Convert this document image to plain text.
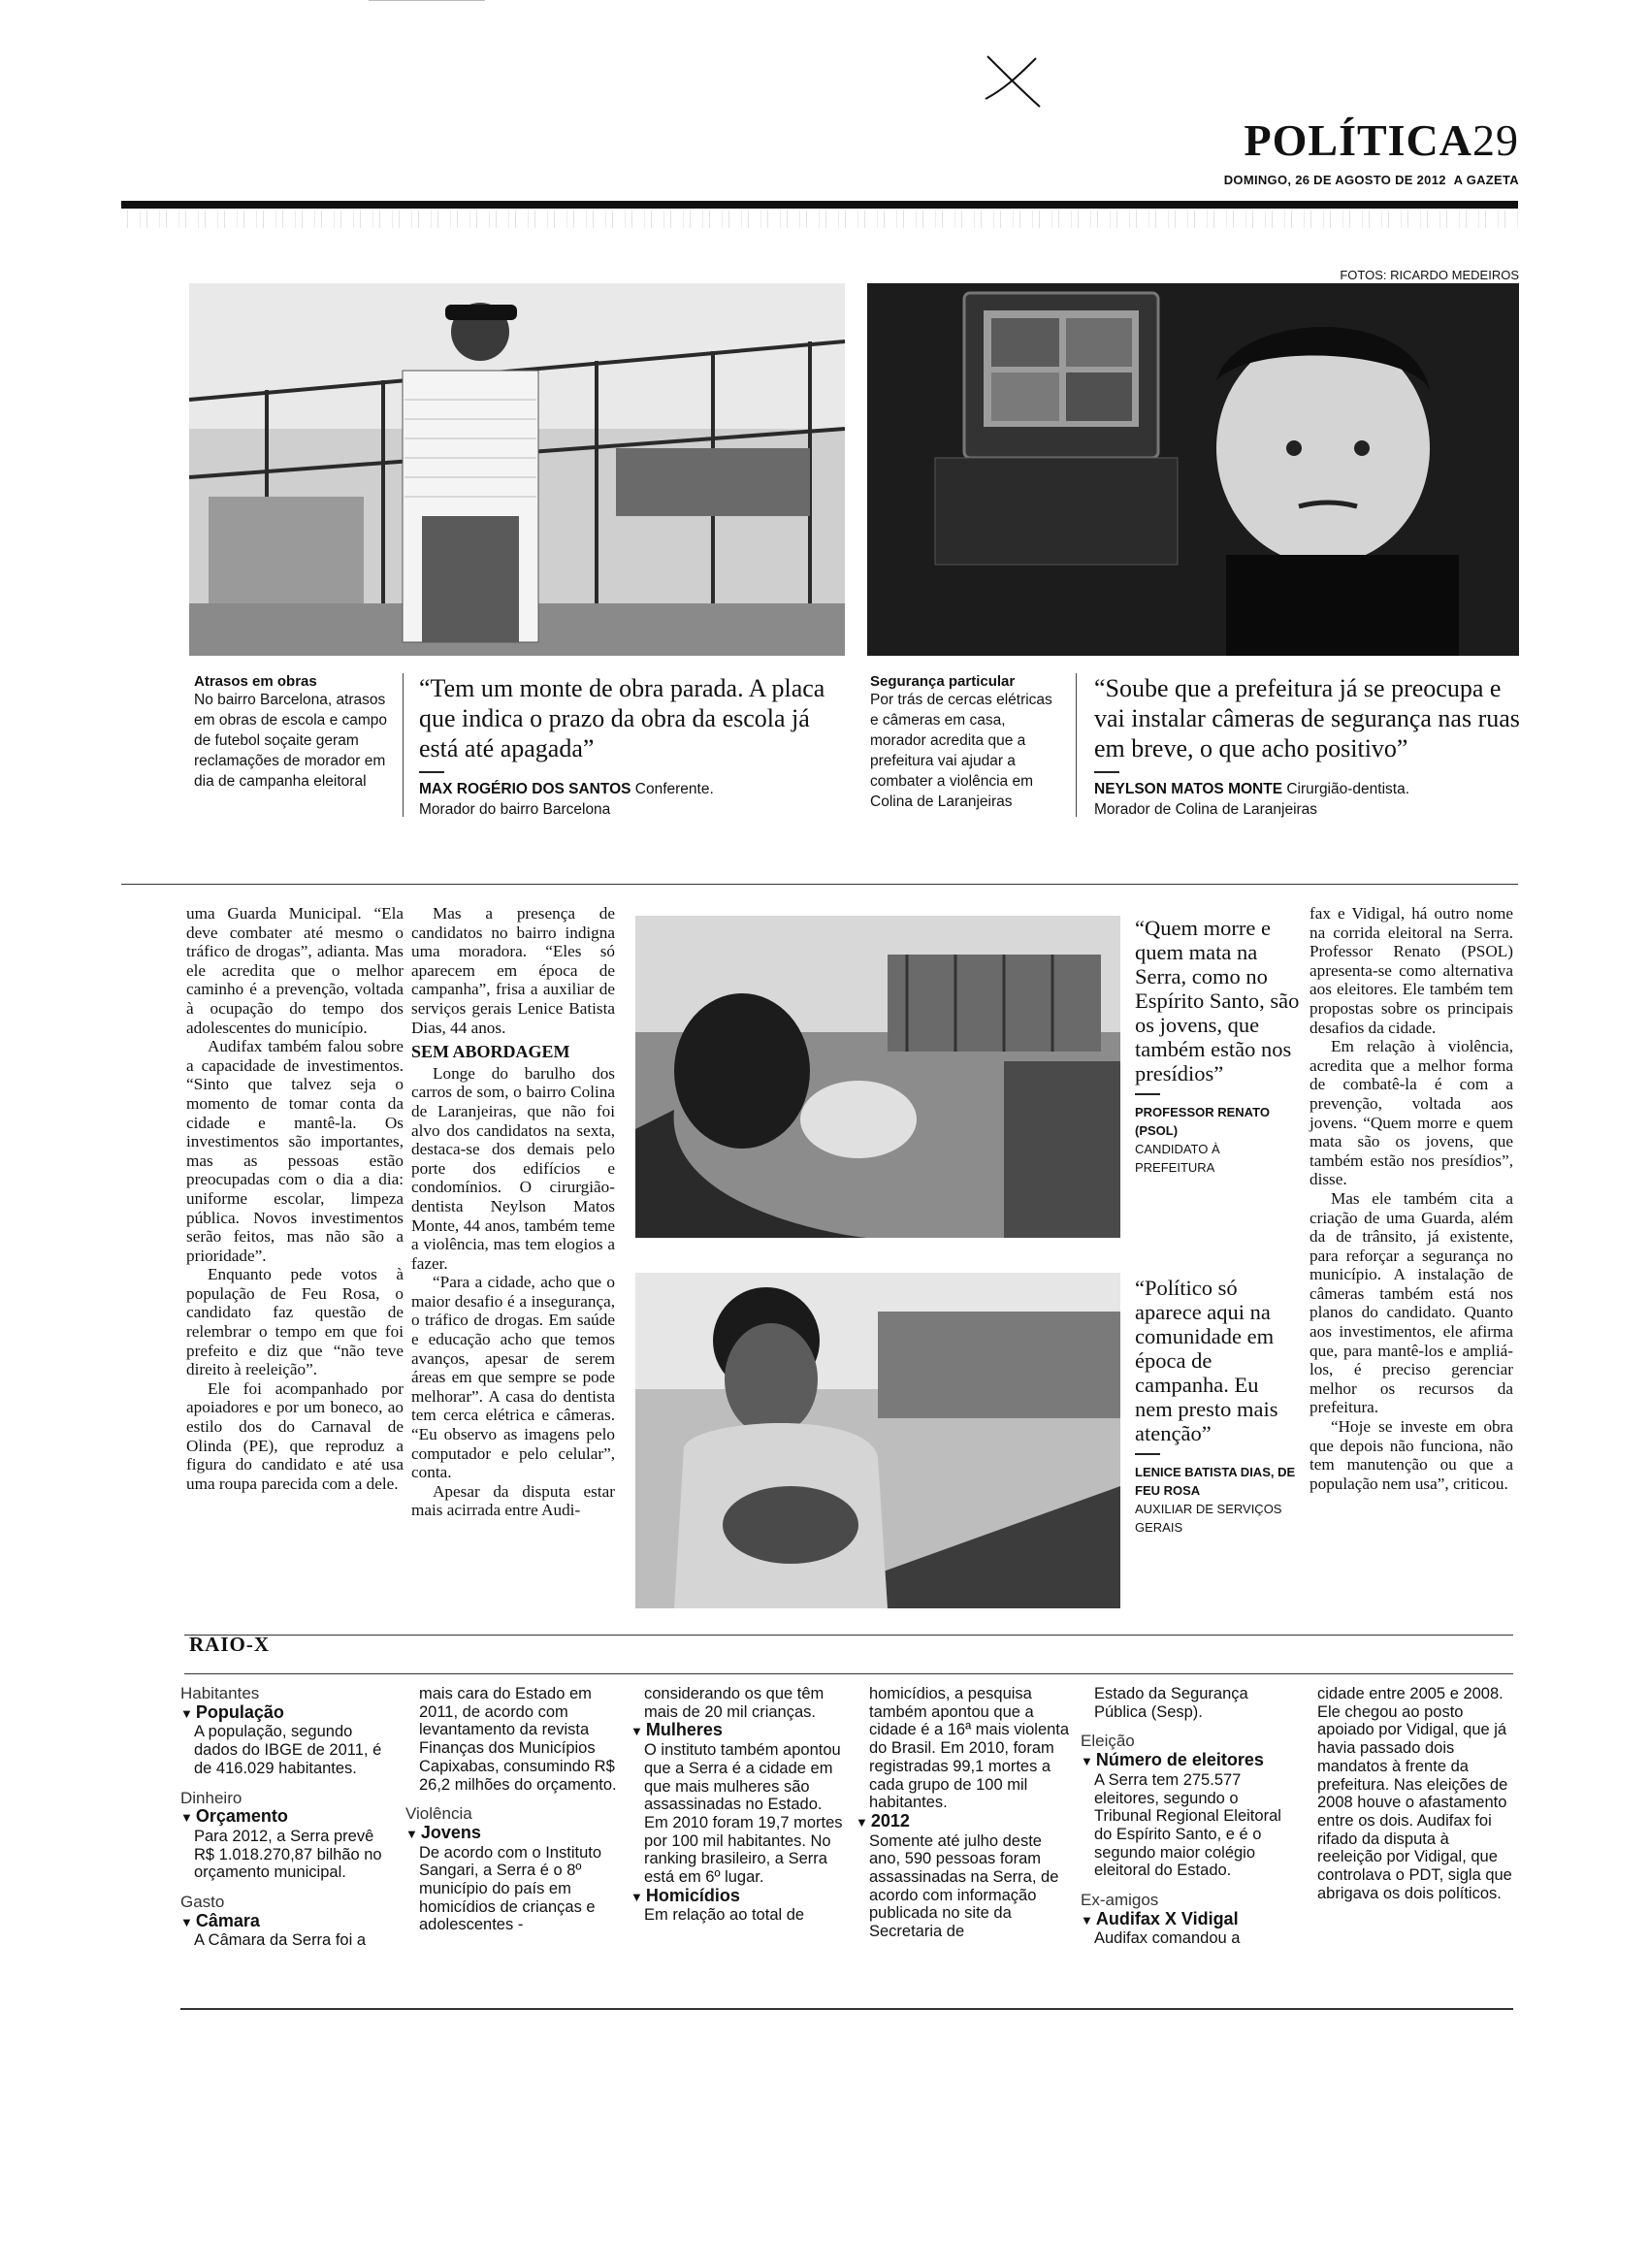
POLÍTICA29
DOMINGO, 26 DE AGOSTO DE 2012 A GAZETA
FOTOS: RICARDO MEDEIROS
Atrasos em obras
No bairro Barcelona, atrasos em obras de escola e campo de futebol soçaite geram reclamações de morador em dia de campanha eleitoral
“Tem um monte de obra parada. A placa que indica o prazo da obra da escola já está até apagada”
MAX ROGÉRIO DOS SANTOS Conferente.
Morador do bairro Barcelona
Segurança particular
Por trás de cercas elétricas e câmeras em casa, morador acredita que a prefeitura vai ajudar a combater a violência em Colina de Laranjeiras
“Soube que a prefeitura já se preocupa e vai instalar câmeras de segurança nas ruas em breve, o que acho positivo”
NEYLSON MATOS MONTE Cirurgião-dentista.
Morador de Colina de Laranjeiras

uma Guarda Municipal. “Ela deve combater até mesmo o tráfico de drogas”, adianta. Mas ele acredita que o melhor caminho é a prevenção, voltada à ocupação do tempo dos adolescentes do município.

Audifax também falou sobre a capacidade de investimentos. “Sinto que talvez seja o momento de tomar conta da cidade e mantê-la. Os investimentos são importantes, mas as pessoas estão preocupadas com o dia a dia: uniforme escolar, limpeza pública. Novos investimentos serão feitos, mas não são a prioridade”.

Enquanto pede votos à população de Feu Rosa, o candidato faz questão de relembrar o tempo em que foi prefeito e diz que “não teve direito à reeleição”.

Ele foi acompanhado por apoiadores e por um boneco, ao estilo dos do Carnaval de Olinda (PE), que reproduz a figura do candidato e até usa uma roupa parecida com a dele.

Mas a presença de candidatos no bairro indigna uma moradora. “Eles só aparecem em época de campanha”, frisa a auxiliar de serviços gerais Lenice Batista Dias, 44 anos.

SEM ABORDAGEM

Longe do barulho dos carros de som, o bairro Colina de Laranjeiras, que não foi alvo dos candidatos na sexta, destaca-se dos demais pelo porte dos edifícios e condomínios. O cirurgião-dentista Neylson Matos Monte, 44 anos, também teme a violência, mas tem elogios a fazer.

“Para a cidade, acho que o maior desafio é a insegurança, o tráfico de drogas. Em saúde e educação acho que temos avanços, apesar de serem áreas em que sempre se pode melhorar”. A casa do dentista tem cerca elétrica e câmeras. “Eu observo as imagens pelo computador e pelo celular”, conta.

Apesar da disputa estar mais acirrada entre Audi-

“Quem morre e quem mata na Serra, como no Espírito Santo, são os jovens, que também estão nos presídios”
PROFESSOR RENATO (PSOL)
CANDIDATO À PREFEITURA
“Político só aparece aqui na comunidade em época de campanha. Eu nem presto mais atenção”
LENICE BATISTA DIAS, DE FEU ROSA
AUXILIAR DE SERVIÇOS GERAIS

fax e Vidigal, há outro nome na corrida eleitoral na Serra. Professor Renato (PSOL) apresenta-se como alternativa aos eleitores. Ele também tem propostas sobre os principais desafios da cidade.

Em relação à violência, acredita que a melhor forma de combatê-la é com a prevenção, voltada aos jovens. “Quem morre e quem mata são os jovens, que também estão nos presídios”, disse.

Mas ele também cita a criação de uma Guarda, além da de trânsito, já existente, para reforçar a segurança no município. A instalação de câmeras também está nos planos do candidato. Quanto aos investimentos, ele afirma que, para mantê-los e ampliá-los, é preciso gerenciar melhor os recursos da prefeitura.

“Hoje se investe em obra que depois não funciona, não tem manutenção ou que a população nem usa”, criticou.

RAIO-X
Habitantes
▼ População
A população, segundo dados do IBGE de 2011, é de 416.029 habitantes.
Dinheiro
▼ Orçamento
Para 2012, a Serra prevê R$ 1.018.270,87 bilhão no orçamento municipal.
Gasto
▼ Câmara
A Câmara da Serra foi a
mais cara do Estado em 2011, de acordo com levantamento da revista Finanças dos Municípios Capixabas, consumindo R$ 26,2 milhões do orçamento.
Violência
▼ Jovens
De acordo com o Instituto Sangari, a Serra é o 8º município do país em homicídios de crianças e adolescentes -
considerando os que têm mais de 20 mil crianças.
▼ Mulheres
O instituto também apontou que a Serra é a cidade em que mais mulheres são assassinadas no Estado. Em 2010 foram 19,7 mortes por 100 mil habitantes. No ranking brasileiro, a Serra está em 6º lugar.
▼ Homicídios
Em relação ao total de
homicídios, a pesquisa também apontou que a cidade é a 16ª mais violenta do Brasil. Em 2010, foram registradas 99,1 mortes a cada grupo de 100 mil habitantes.
▼ 2012
Somente até julho deste ano, 590 pessoas foram assassinadas na Serra, de acordo com informação publicada no site da Secretaria de
Estado da Segurança Pública (Sesp).
Eleição
▼ Número de eleitores
A Serra tem 275.577 eleitores, segundo o Tribunal Regional Eleitoral do Espírito Santo, e é o segundo maior colégio eleitoral do Estado.
Ex-amigos
▼ Audifax X Vidigal
Audifax comandou a
cidade entre 2005 e 2008. Ele chegou ao posto apoiado por Vidigal, que já havia passado dois mandatos à frente da prefeitura. Nas eleições de 2008 houve o afastamento entre os dois. Audifax foi rifado da disputa à reeleição por Vidigal, que controlava o PDT, sigla que abrigava os dois políticos.
